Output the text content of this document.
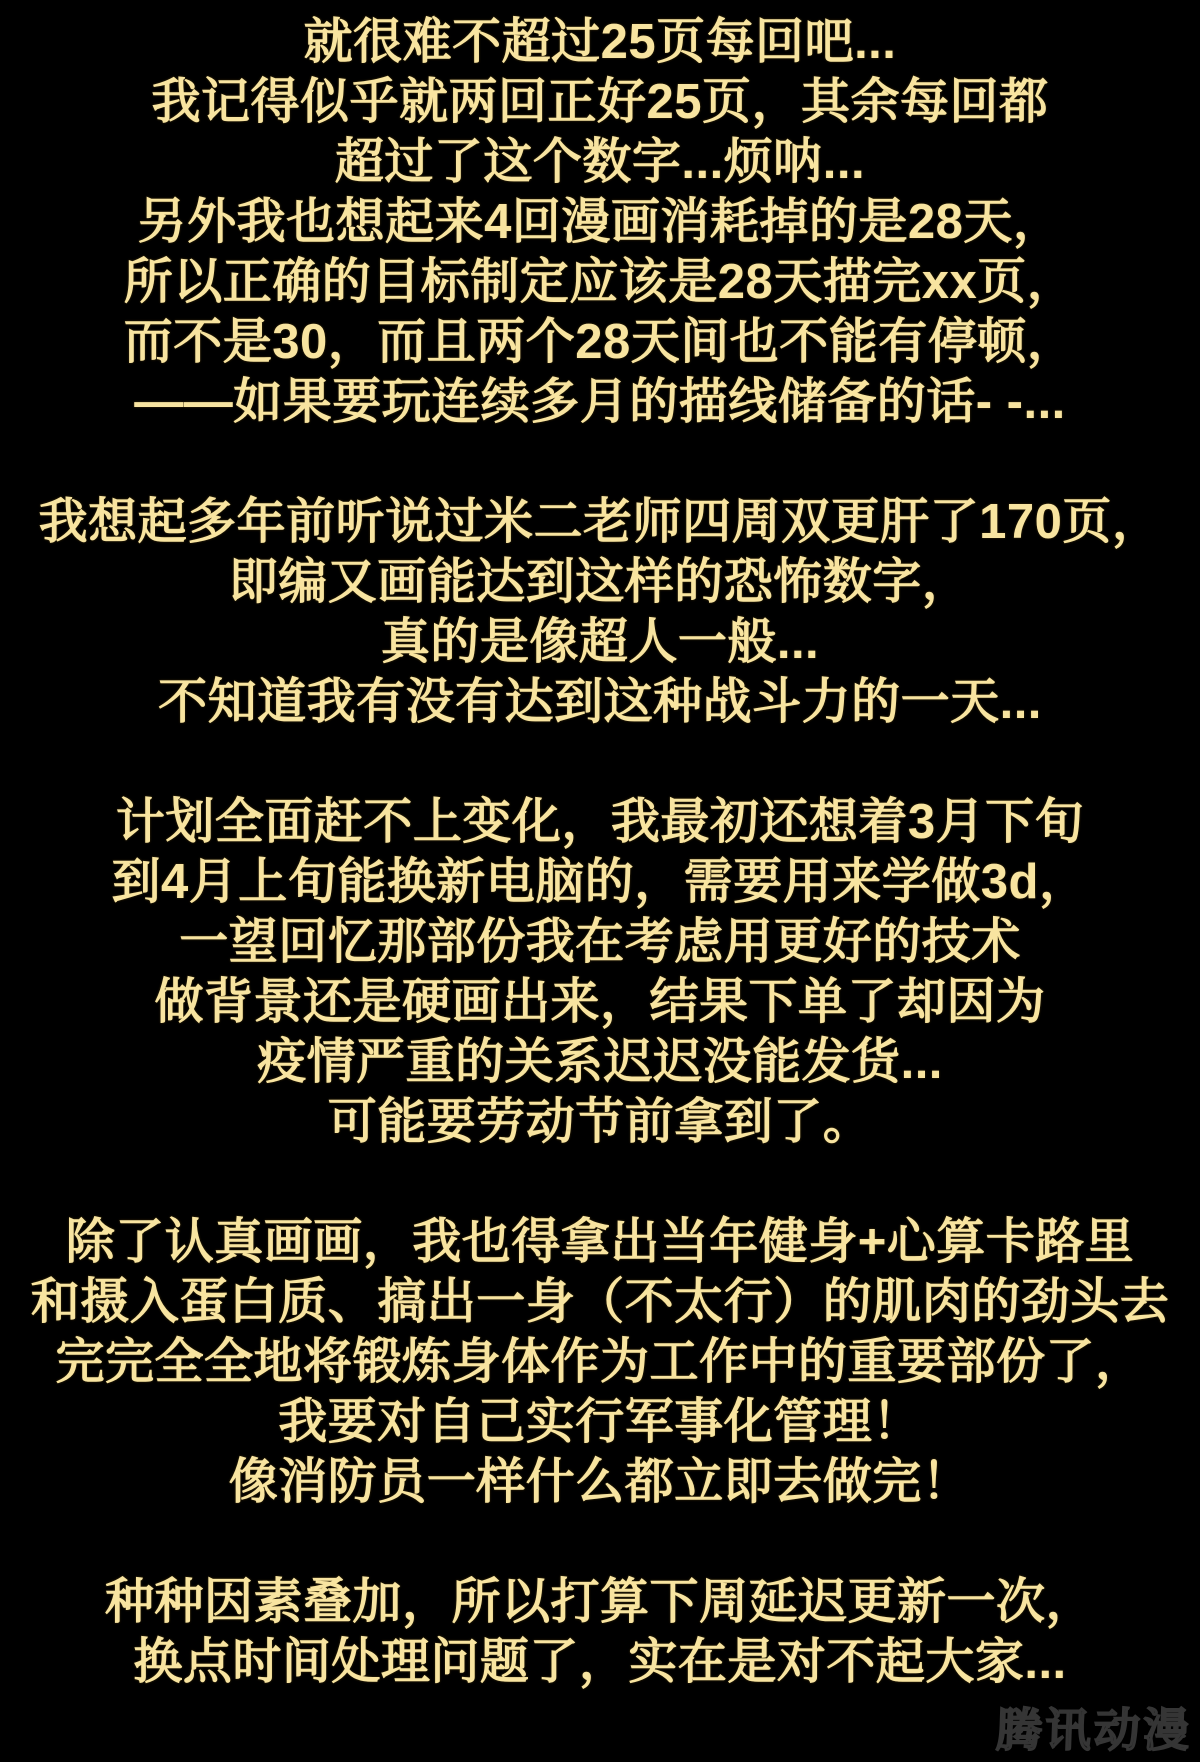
就很难不超过25页每回吧...
我记得似乎就两回正好25页，其余每回都
超过了这个数字...烦呐...
另外我也想起来4回漫画消耗掉的是28天，
所以正确的目标制定应该是28天描完xx页，
而不是30，而且两个28天间也不能有停顿，
——如果要玩连续多月的描线储备的话- -...
我想起多年前听说过米二老师四周双更肝了170页，
即编又画能达到这样的恐怖数字，
真的是像超人一般...
不知道我有没有达到这种战斗力的一天...
计划全面赶不上变化，我最初还想着3月下旬
到4月上旬能换新电脑的，需要用来学做3d，
一望回忆那部份我在考虑用更好的技术
做背景还是硬画出来，结果下单了却因为
疫情严重的关系迟迟没能发货...
可能要劳动节前拿到了。
除了认真画画，我也得拿出当年健身+心算卡路里
和摄入蛋白质、搞出一身（不太行）的肌肉的劲头去
完完全全地将锻炼身体作为工作中的重要部份了，
我要对自己实行军事化管理！
像消防员一样什么都立即去做完！
种种因素叠加，所以打算下周延迟更新一次，
换点时间处理问题了，实在是对不起大家...
腾讯动漫
